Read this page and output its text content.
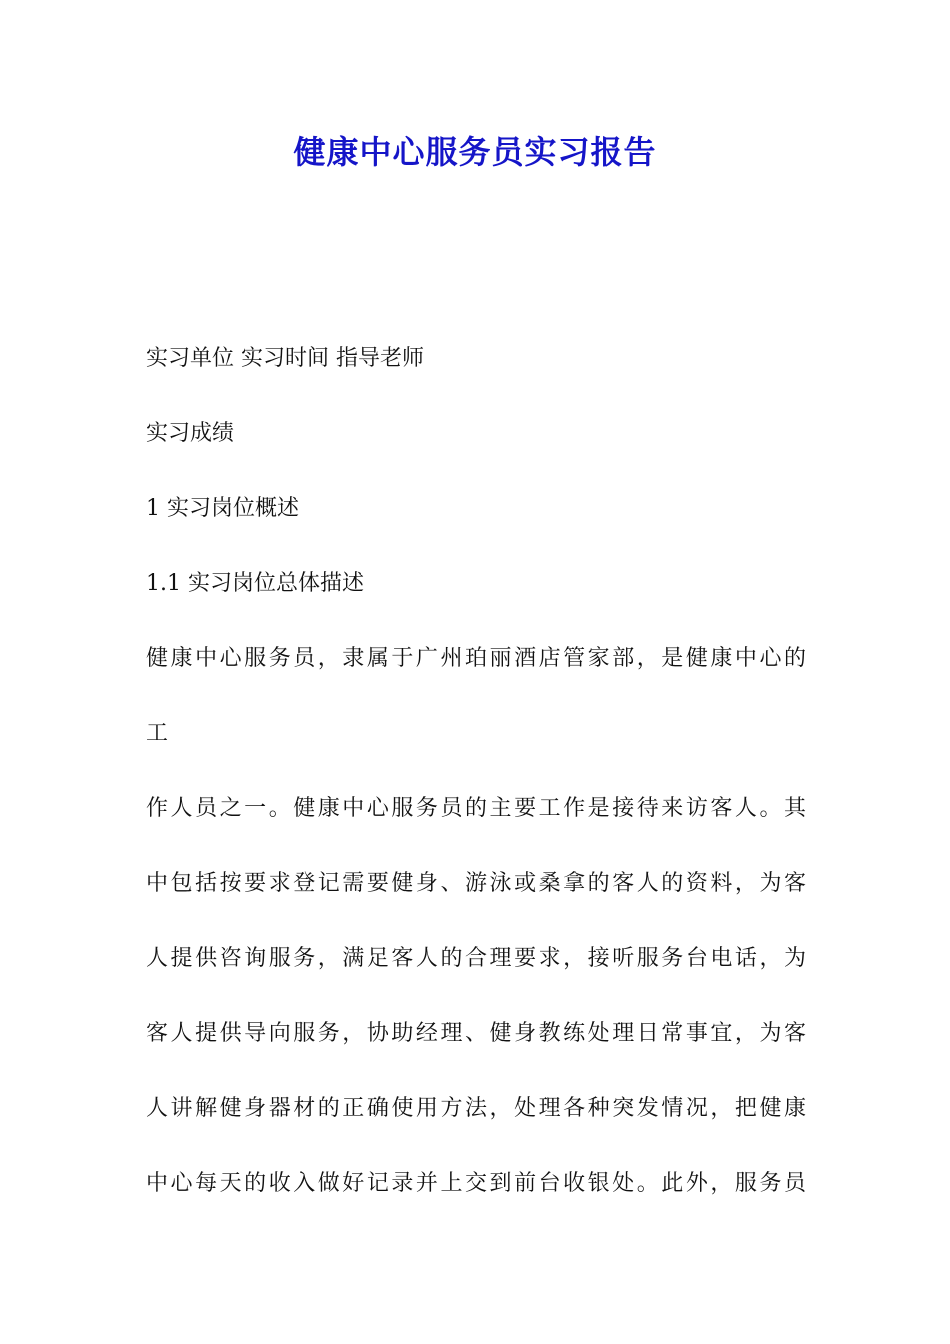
健康中心服务员实习报告
实习单位 实习时间 指导老师
实习成绩
1 实习岗位概述
1.1 实习岗位总体描述
健康中心服务员，隶属于广州珀丽酒店管家部，是健康中心的
工
作人员之一。健康中心服务员的主要工作是接待来访客人。其
中包括按要求登记需要健身、游泳或桑拿的客人的资料，为客
人提供咨询服务，满足客人的合理要求，接听服务台电话，为
客人提供导向服务，协助经理、健身教练处理日常事宜，为客
人讲解健身器材的正确使用方法，处理各种突发情况，把健康
中心每天的收入做好记录并上交到前台收银处。此外，服务员
